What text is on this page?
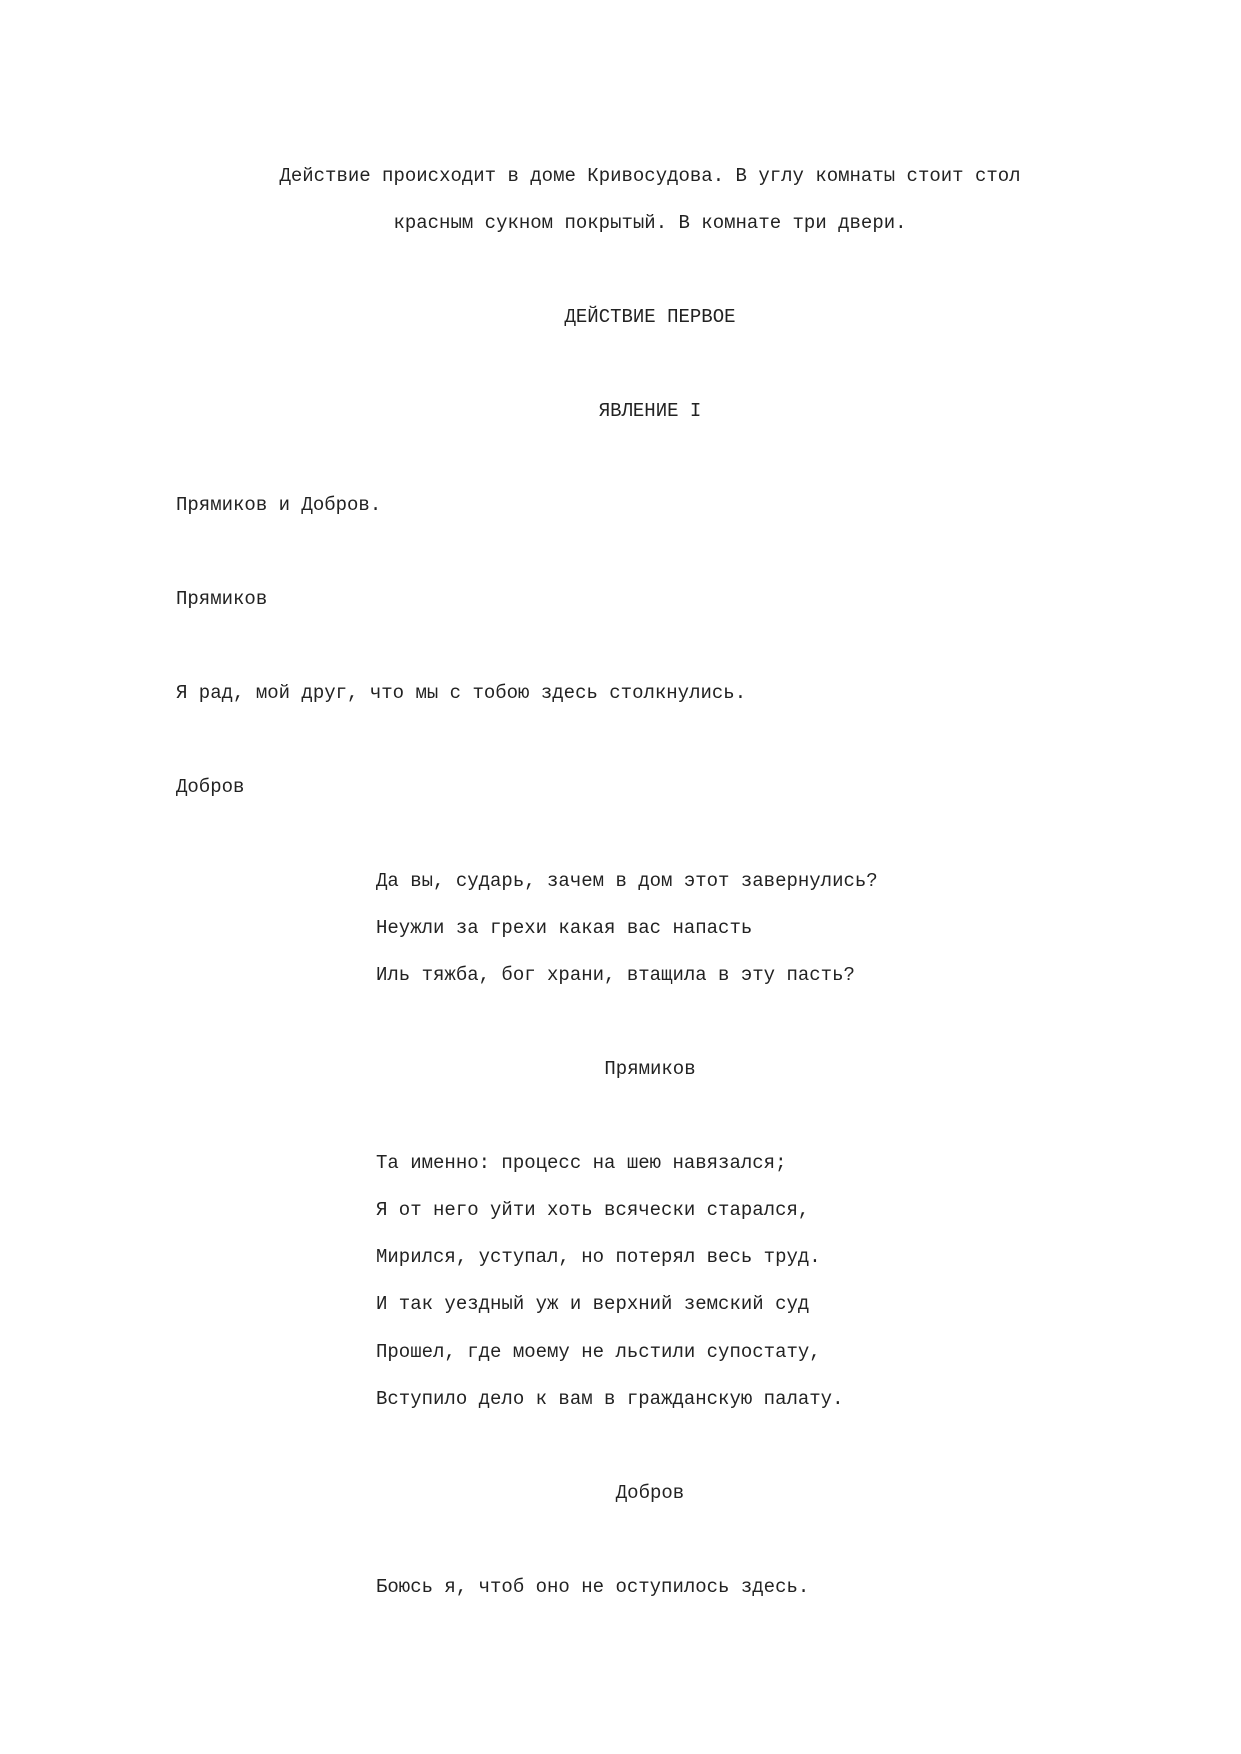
Действие происходит в доме Кривосудова. В углу комнаты стоит стол
красным сукном покрытый. В комнате три двери.
ДЕЙСТВИЕ ПЕРВОЕ
ЯВЛЕНИЕ I
Прямиков и Добров.
Прямиков
Я рад, мой друг, что мы с тобою здесь столкнулись.
Добров
Да вы, сударь, зачем в дом этот завернулись?
Неужли за грехи какая вас напасть
Иль тяжба, бог храни, втащила в эту пасть?
Прямиков
Та именно: процесс на шею навязался;
Я от него уйти хоть всячески старался,
Мирился, уступал, но потерял весь труд.
И так уездный уж и верхний земский суд
Прошел, где моему не льстили супостату,
Вступило дело к вам в гражданскую палату.
Добров
Боюсь я, чтоб оно не оступилось здесь.
